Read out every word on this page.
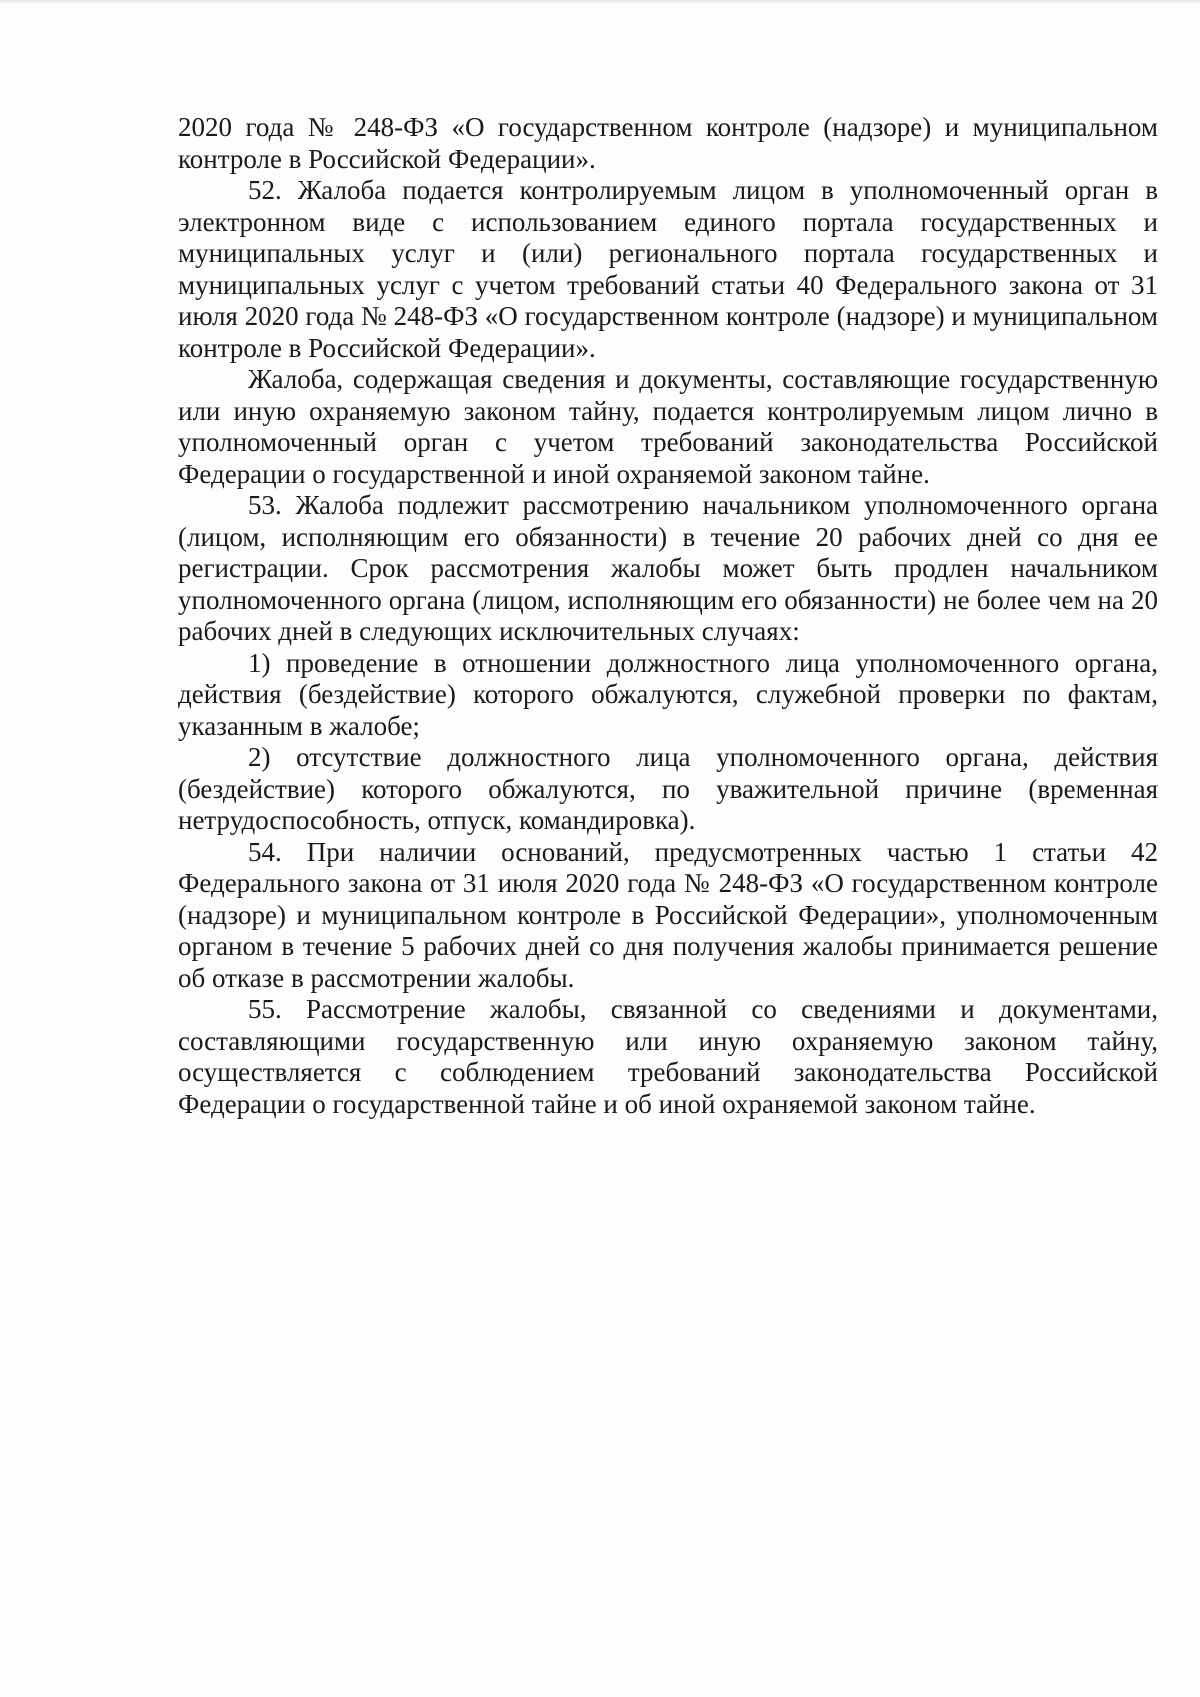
2020 года № 248-ФЗ «О государственном контроле (надзоре) и муниципальном контроле в Российской Федерации».

52. Жалоба подается контролируемым лицом в уполномоченный орган в электронном виде с использованием единого портала государственных и муниципальных услуг и (или) регионального портала государственных и муниципальных услуг с учетом требований статьи 40 Федерального закона от 31 июля 2020 года № 248-ФЗ «О государственном контроле (надзоре) и муниципальном контроле в Российской Федерации».

Жалоба, содержащая сведения и документы, составляющие государственную или иную охраняемую законом тайну, подается контролируемым лицом лично в уполномоченный орган с учетом требований законодательства Российской Федерации о государственной и иной охраняемой законом тайне.

53. Жалоба подлежит рассмотрению начальником уполномоченного органа (лицом, исполняющим его обязанности) в течение 20 рабочих дней со дня ее регистрации. Срок рассмотрения жалобы может быть продлен начальником уполномоченного органа (лицом, исполняющим его обязанности) не более чем на 20 рабочих дней в следующих исключительных случаях:

1) проведение в отношении должностного лица уполномоченного органа, действия (бездействие) которого обжалуются, служебной проверки по фактам, указанным в жалобе;

2) отсутствие должностного лица уполномоченного органа, действия (бездействие) которого обжалуются, по уважительной причине (временная нетрудоспособность, отпуск, командировка).

54. При наличии оснований, предусмотренных частью 1 статьи 42 Федерального закона от 31 июля 2020 года № 248-ФЗ «О государственном контроле (надзоре) и муниципальном контроле в Российской Федерации», уполномоченным органом в течение 5 рабочих дней со дня получения жалобы принимается решение об отказе в рассмотрении жалобы.

55. Рассмотрение жалобы, связанной со сведениями и документами, составляющими государственную или иную охраняемую законом тайну, осуществляется с соблюдением требований законодательства Российской Федерации о государственной тайне и об иной охраняемой законом тайне.
